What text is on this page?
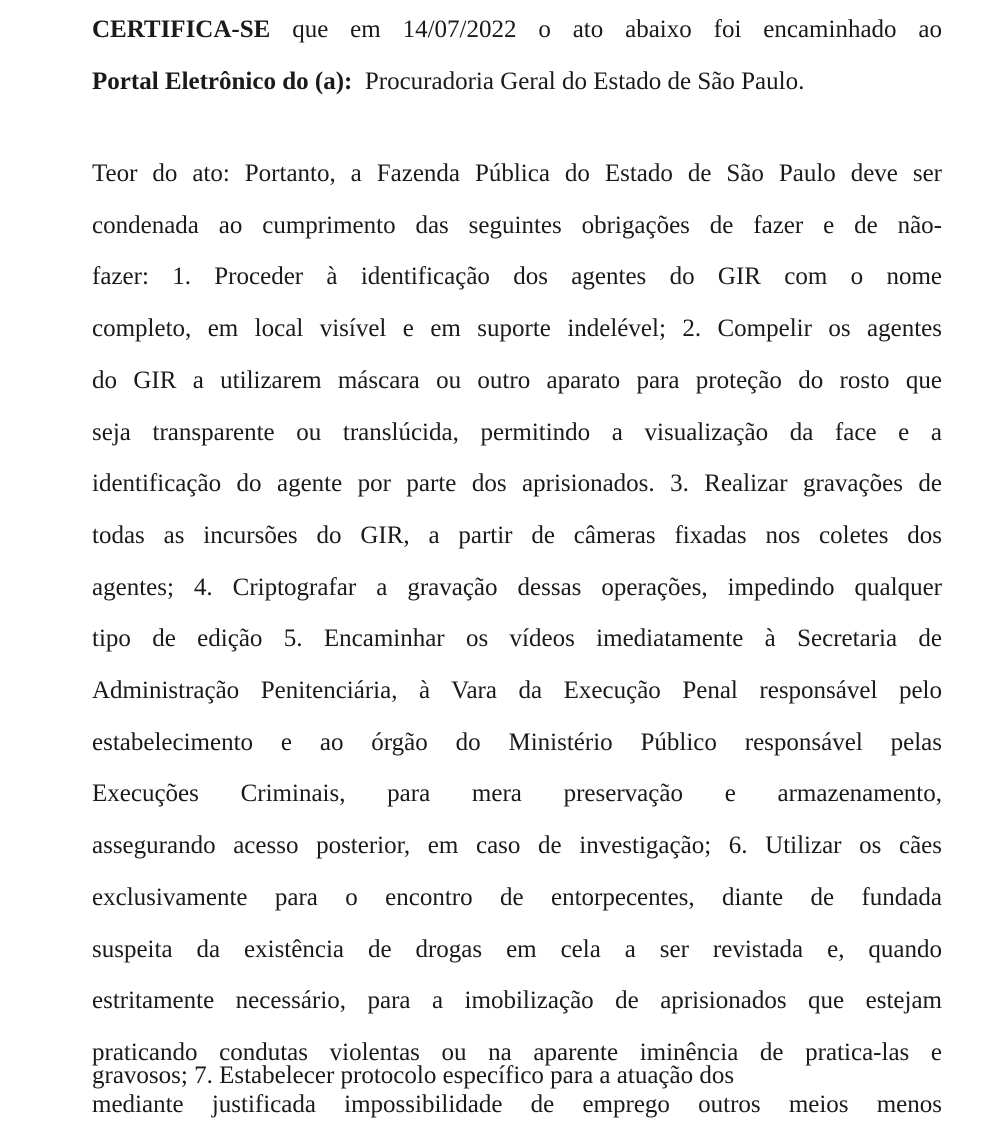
CERTIFICA-SE que em 14/07/2022 o ato abaixo foi encaminhado ao
Portal Eletrônico do (a): Procuradoria Geral do Estado de São Paulo.
Teor do ato: Portanto, a Fazenda Pública do Estado de São Paulo deve ser
condenada ao cumprimento das seguintes obrigações de fazer e de não-
fazer: 1. Proceder à identificação dos agentes do GIR com o nome
completo, em local visível e em suporte indelével; 2. Compelir os agentes
do GIR a utilizarem máscara ou outro aparato para proteção do rosto que
seja transparente ou translúcida, permitindo a visualização da face e a
identificação do agente por parte dos aprisionados. 3. Realizar gravações de
todas as incursões do GIR, a partir de câmeras fixadas nos coletes dos
agentes; 4. Criptografar a gravação dessas operações, impedindo qualquer
tipo de edição 5. Encaminhar os vídeos imediatamente à Secretaria de
Administração Penitenciária, à Vara da Execução Penal responsável pelo
estabelecimento e ao órgão do Ministério Público responsável pelas
Execuções Criminais, para mera preservação e armazenamento,
assegurando acesso posterior, em caso de investigação; 6. Utilizar os cães
exclusivamente para o encontro de entorpecentes, diante de fundada
suspeita da existência de drogas em cela a ser revistada e, quando
estritamente necessário, para a imobilização de aprisionados que estejam
praticando condutas violentas ou na aparente iminência de pratica-las e
mediante justificada impossibilidade de emprego outros meios menos
gravosos; 7. Estabelecer protocolo específico para a atuação dos
